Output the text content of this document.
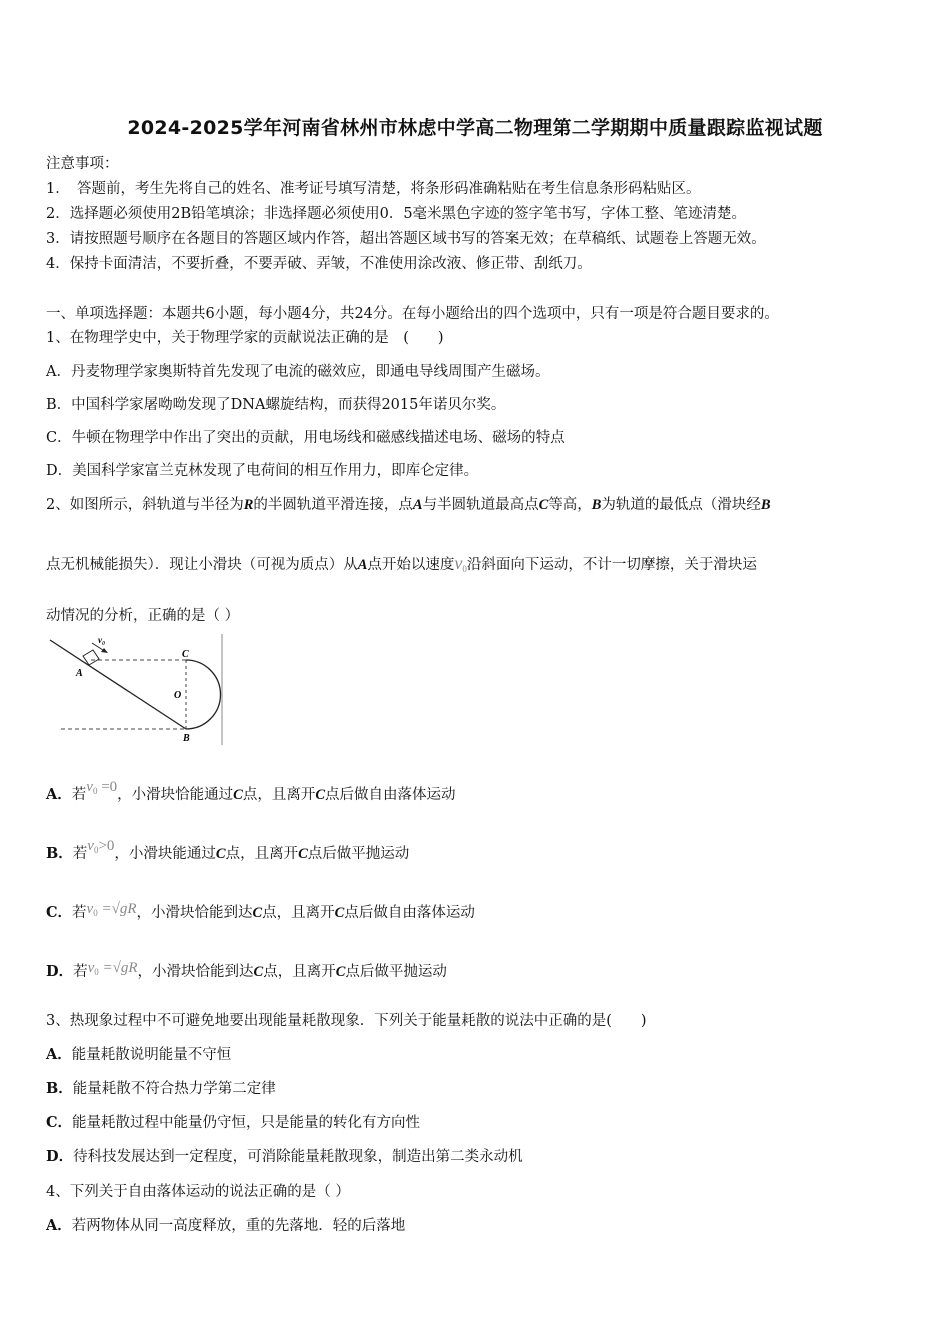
2024-2025学年河南省林州市林虑中学高二物理第二学期期中质量跟踪监视试题
注意事项：
1．　答题前，考生先将自己的姓名、准考证号填写清楚，将条形码准确粘贴在考生信息条形码粘贴区。
2．选择题必须使用2B铅笔填涂；非选择题必须使用0．5毫米黑色字迹的签字笔书写，字体工整、笔迹清楚。
3．请按照题号顺序在各题目的答题区域内作答，超出答题区域书写的答案无效；在草稿纸、试题卷上答题无效。
4．保持卡面清洁，不要折叠，不要弄破、弄皱，不准使用涂改液、修正带、刮纸刀。
一、单项选择题：本题共6小题，每小题4分，共24分。在每小题给出的四个选项中，只有一项是符合题目要求的。
1、在物理学史中，关于物理学家的贡献说法正确的是　(　　)
A．丹麦物理学家奥斯特首先发现了电流的磁效应，即通电导线周围产生磁场。
B．中国科学家屠呦呦发现了DNA螺旋结构，而获得2015年诺贝尔奖。
C．牛顿在物理学中作出了突出的贡献，用电场线和磁感线描述电场、磁场的特点
D．美国科学家富兰克林发现了电荷间的相互作用力，即库仑定律。
2、如图所示，斜轨道与半径为R的半圆轨道平滑连接，点A与半圆轨道最高点C等高，B为轨道的最低点（滑块经B
点无机械能损失）．现让小滑块（可视为质点）从A点开始以速度$v_0$沿斜面向下运动，不计一切摩擦，关于滑块运
动情况的分析，正确的是（ ）
v₀
A
C
O
B
A．若$v_0 =0$，小滑块恰能通过C点，且离开C点后做自由落体运动
B．若$v_0>0$，小滑块能通过C点，且离开C点后做平抛运动
C．若$v_0 =√gR$，小滑块恰能到达C点，且离开C点后做自由落体运动
D．若$v_0 =√gR$，小滑块恰能到达C点，且离开C点后做平抛运动
3、热现象过程中不可避免地要出现能量耗散现象．下列关于能量耗散的说法中正确的是(　　)
A．能量耗散说明能量不守恒
B．能量耗散不符合热力学第二定律
C．能量耗散过程中能量仍守恒，只是能量的转化有方向性
D．待科技发展达到一定程度，可消除能量耗散现象，制造出第二类永动机
4、下列关于自由落体运动的说法正确的是（ ）
A．若两物体从同一高度释放，重的先落地．轻的后落地
